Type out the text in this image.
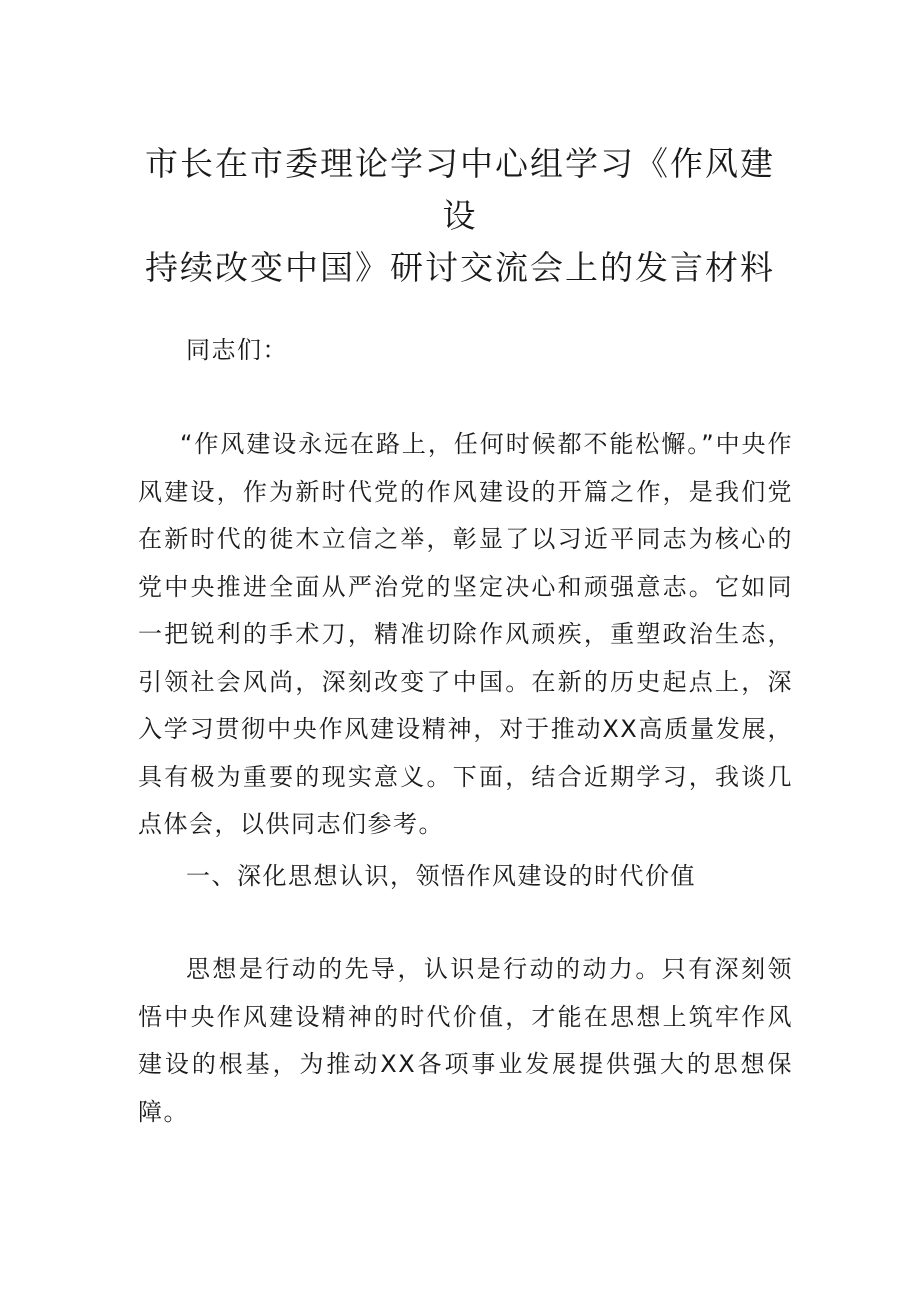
市长在市委理论学习中心组学习《作风建设
持续改变中国》研讨交流会上的发言材料

同志们：

“作风建设永远在路上，任何时候都不能松懈。”中央作风建设，作为新时代党的作风建设的开篇之作，是我们党在新时代的徙木立信之举，彰显了以习近平同志为核心的党中央推进全面从严治党的坚定决心和顽强意志。它如同一把锐利的手术刀，精准切除作风顽疾，重塑政治生态，引领社会风尚，深刻改变了中国。在新的历史起点上，深入学习贯彻中央作风建设精神，对于推动XX高质量发展，具有极为重要的现实意义。下面，结合近期学习，我谈几点体会，以供同志们参考。

一、深化思想认识，领悟作风建设的时代价值

思想是行动的先导，认识是行动的动力。只有深刻领悟中央作风建设精神的时代价值，才能在思想上筑牢作风建设的根基，为推动XX各项事业发展提供强大的思想保障。
